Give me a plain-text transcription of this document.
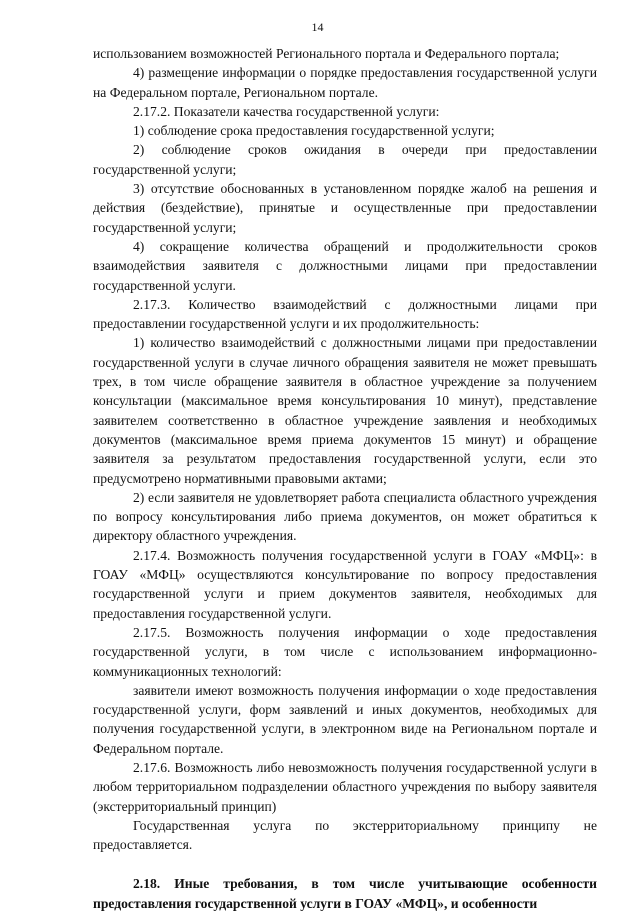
14

использованием возможностей Регионального портала и Федерального портала;

4) размещение информации о порядке предоставления государственной услуги на Федеральном портале, Региональном портале.

2.17.2. Показатели качества государственной услуги:

1) соблюдение срока предоставления государственной услуги;

2) соблюдение сроков ожидания в очереди при предоставлении государственной услуги;

3) отсутствие обоснованных в установленном порядке жалоб на решения и действия (бездействие), принятые и осуществленные при предоставлении государственной услуги;

4) сокращение количества обращений и продолжительности сроков взаимодействия заявителя с должностными лицами при предоставлении государственной услуги.

2.17.3. Количество взаимодействий с должностными лицами при предоставлении государственной услуги и их продолжительность:

1) количество взаимодействий с должностными лицами при предоставлении государственной услуги в случае личного обращения заявителя не может превышать трех, в том числе обращение заявителя в областное учреждение за получением консультации (максимальное время консультирования 10 минут), представление заявителем соответственно в областное учреждение заявления и необходимых документов (максимальное время приема документов 15 минут) и обращение заявителя за результатом предоставления государственной услуги, если это предусмотрено нормативными правовыми актами;

2) если заявителя не удовлетворяет работа специалиста областного учреждения по вопросу консультирования либо приема документов, он может обратиться к директору областного учреждения.

2.17.4. Возможность получения государственной услуги в ГОАУ «МФЦ»: в ГОАУ «МФЦ» осуществляются консультирование по вопросу предоставления государственной услуги и прием документов заявителя, необходимых для предоставления государственной услуги.

2.17.5. Возможность получения информации о ходе предоставления государственной услуги, в том числе с использованием информационно-коммуникационных технологий:

заявители имеют возможность получения информации о ходе предоставления государственной услуги, форм заявлений и иных документов, необходимых для получения государственной услуги, в электронном виде на Региональном портале и Федеральном портале.

2.17.6. Возможность либо невозможность получения государственной услуги в любом территориальном подразделении областного учреждения по выбору заявителя (экстерриториальный принцип)

Государственная услуга по экстерриториальному принципу не предоставляется.

2.18. Иные требования, в том числе учитывающие особенности предоставления государственной услуги в ГОАУ «МФЦ», и особенности
